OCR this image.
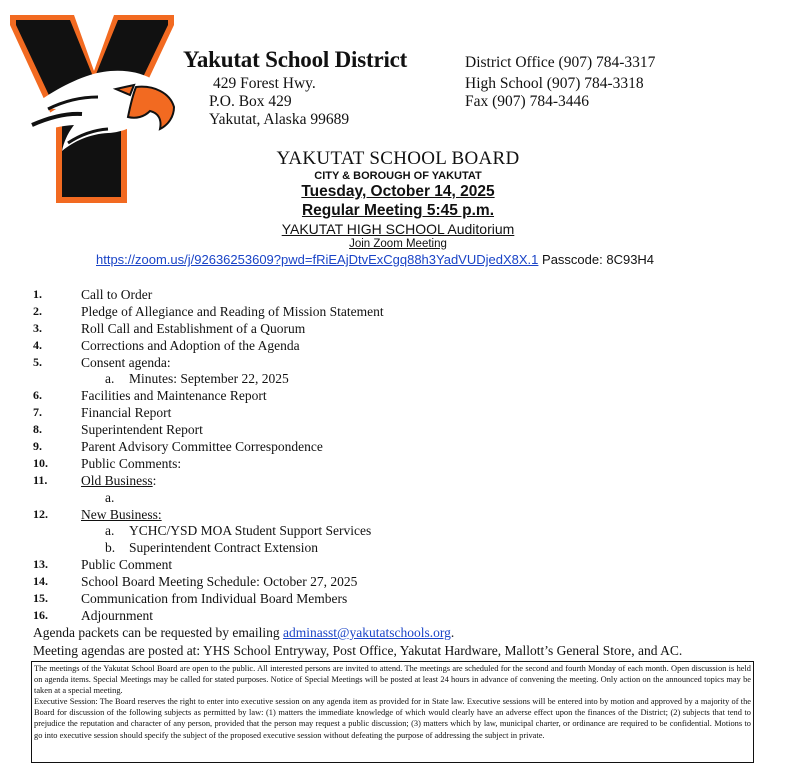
Yakutat School District
429 Forest Hwy.
P.O. Box 429
Yakutat, Alaska 99689
District Office (907) 784-3317
High School (907) 784-3318
Fax (907) 784-3446
YAKUTAT SCHOOL BOARD
CITY & BOROUGH OF YAKUTAT
Tuesday, October 14, 2025
Regular Meeting 5:45 p.m.
YAKUTAT HIGH SCHOOL Auditorium
Join Zoom Meeting
https://zoom.us/j/92636253609?pwd=fRiEAjDtvExCgq88h3YadVUDjedX8X.1 Passcode: 8C93H4
1.	Call to Order
2.	Pledge of Allegiance and Reading of Mission Statement
3.	Roll Call and Establishment of a Quorum
4.	Corrections and Adoption of the Agenda
5.	Consent agenda:
a. Minutes: September 22, 2025
6.	Facilities and Maintenance Report
7.	Financial Report
8.	Superintendent Report
9.	Parent Advisory Committee Correspondence
10. Public Comments:
11. Old Business:
a.
12. New Business:
a. YCHC/YSD MOA Student Support Services
b. Superintendent Contract Extension
13. Public Comment
14. School Board Meeting Schedule: October 27, 2025
15. Communication from Individual Board Members
16. Adjournment
Agenda packets can be requested by emailing adminasst@yakutatschools.org.
Meeting agendas are posted at: YHS School Entryway, Post Office, Yakutat Hardware, Mallott’s General Store, and AC.

The meetings of the Yakutat School Board are open to the public. All interested persons are invited to attend. The meetings are scheduled for the second and fourth Monday of each month. Open discussion is held on agenda items. Special Meetings may be called for stated purposes. Notice of Special Meetings will be posted at least 24 hours in advance of convening the meeting. Only action on the announced topics may be taken at a special meeting.

Executive Session: The Board reserves the right to enter into executive session on any agenda item as provided for in State law. Executive sessions will be entered into by motion and approved by a majority of the Board for discussion of the following subjects as permitted by law: (1) matters the immediate knowledge of which would clearly have an adverse effect upon the finances of the District; (2) subjects that tend to prejudice the reputation and character of any person, provided that the person may request a public discussion; (3) matters which by law, municipal charter, or ordinance are required to be confidential. Motions to go into executive session should specify the subject of the proposed executive session without defeating the purpose of addressing the subject in private.
